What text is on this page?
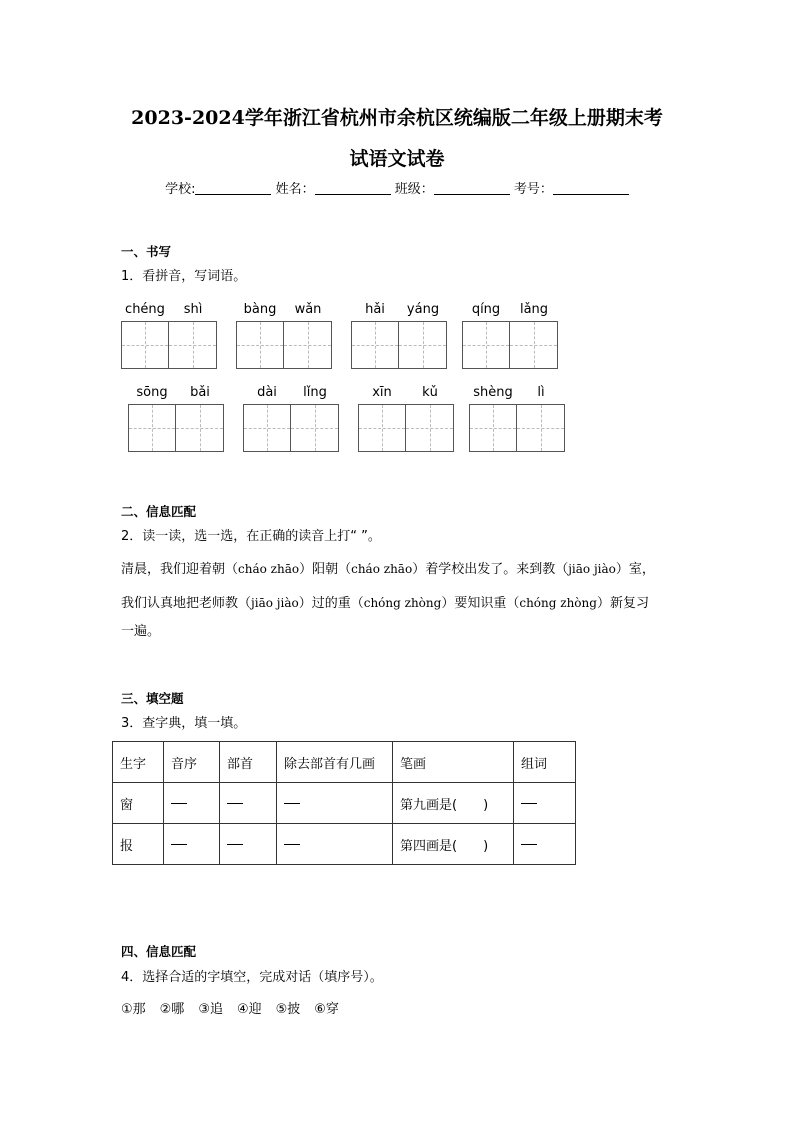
2023-2024学年浙江省杭州市余杭区统编版二年级上册期末考
试语文试卷
学校:	姓名：	班级：	考号：
一、书写
1．看拼音，写词语。
chéng	shì	bàng	wǎn	hǎi	yáng	qíng	lǎng
sōng	bǎi	dài	lǐng	xīn	kǔ	shèng	lì
二、信息匹配
2．读一读，选一选，在正确的读音上打“ ”。
清晨，我们迎着朝（cháo zhāo）阳朝（cháo zhāo）着学校出发了。来到教（jiāo jiào）室，
我们认真地把老师教（jiāo jiào）过的重（chóng zhòng）要知识重（chóng zhòng）新复习
一遍。
三、填空题
3．查字典，填一填。
生字	音序	部首	除去部首有几画	笔画	组词
窗				第九画是(　　)	
报				第四画是(　　)	
四、信息匹配
4．选择合适的字填空，完成对话（填序号）。
①那 ②哪 ③追 ④迎 ⑤披 ⑥穿
